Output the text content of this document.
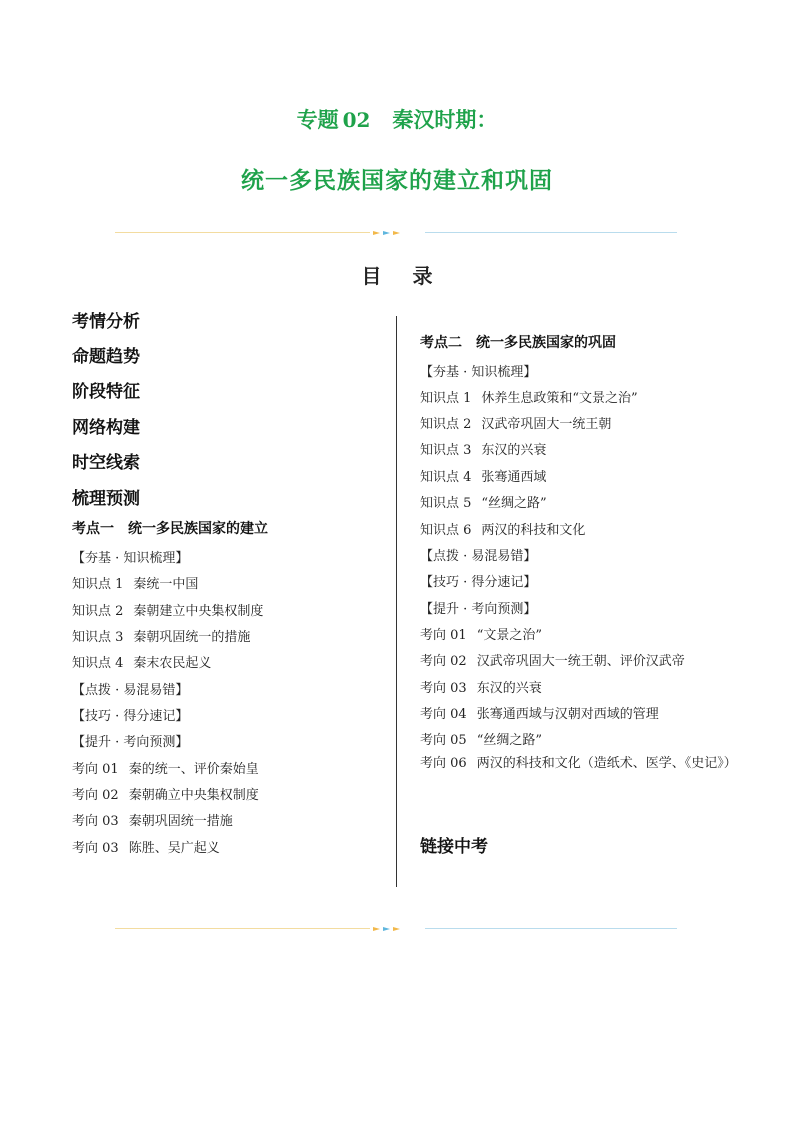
专题 02 秦汉时期：
统一多民族国家的建立和巩固
目 录
考情分析
命题趋势
阶段特征
网络构建
时空线索
梳理预测
考点一 统一多民族国家的建立
【夯基 · 知识梳理】
知识点 1 秦统一中国
知识点 2 秦朝建立中央集权制度
知识点 3 秦朝巩固统一的措施
知识点 4 秦末农民起义
【点拨 · 易混易错】
【技巧 · 得分速记】
【提升 · 考向预测】
考向 01 秦的统一、评价秦始皇
考向 02 秦朝确立中央集权制度
考向 03 秦朝巩固统一措施
考向 03 陈胜、吴广起义
考点二 统一多民族国家的巩固
【夯基 · 知识梳理】
知识点 1 休养生息政策和“文景之治”
知识点 2 汉武帝巩固大一统王朝
知识点 3 东汉的兴衰
知识点 4 张骞通西域
知识点 5 “丝绸之路”
知识点 6 两汉的科技和文化
【点拨 · 易混易错】
【技巧 · 得分速记】
【提升 · 考向预测】
考向 01 “文景之治”
考向 02 汉武帝巩固大一统王朝、评价汉武帝
考向 03 东汉的兴衰
考向 04 张骞通西域与汉朝对西域的管理
考向 05 “丝绸之路”
考向 06 两汉的科技和文化（造纸术、医学、《史记》）
链接中考
